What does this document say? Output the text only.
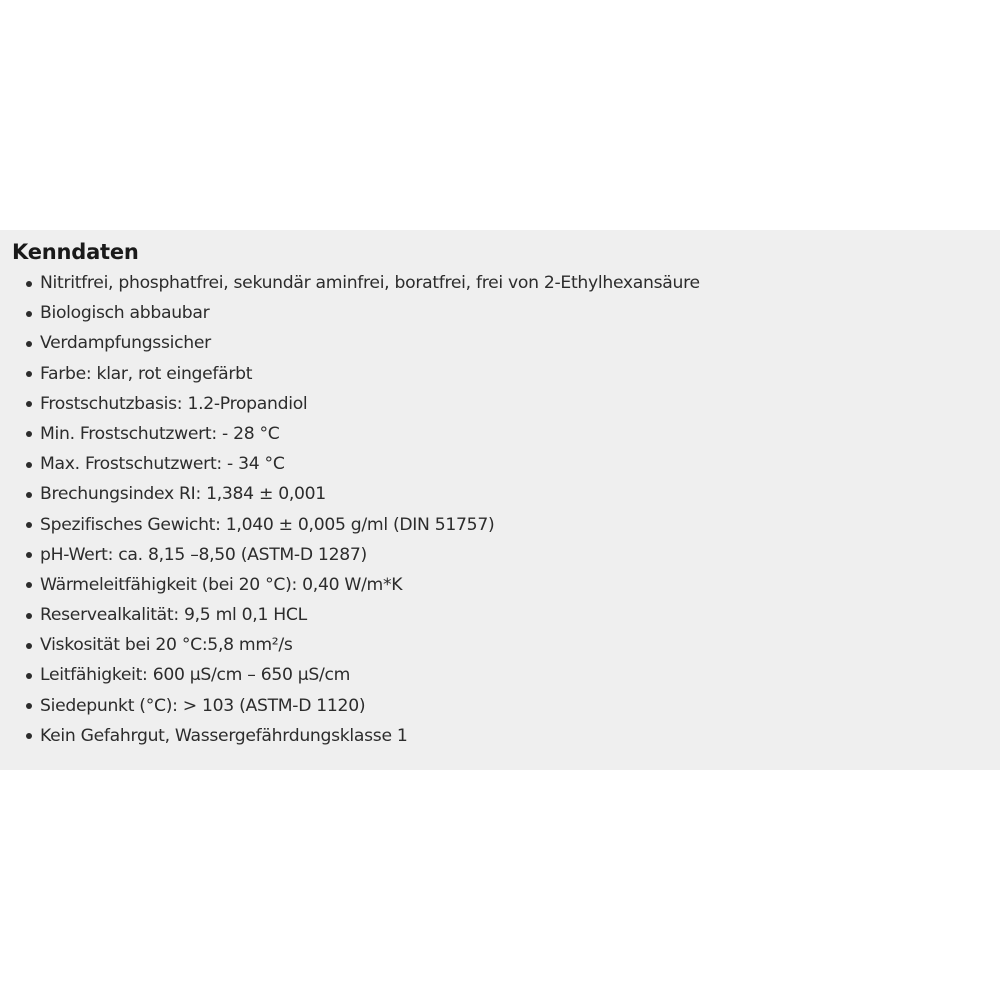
Kenndaten
Nitritfrei, phosphatfrei, sekundär aminfrei, boratfrei, frei von 2-Ethylhexansäure
Biologisch abbaubar
Verdampfungssicher
Farbe: klar, rot eingefärbt
Frostschutzbasis: 1.2-Propandiol
Min. Frostschutzwert: - 28 °C
Max. Frostschutzwert: - 34 °C
Brechungsindex RI: 1,384 ± 0,001
Spezifisches Gewicht: 1,040 ± 0,005 g/ml (DIN 51757)
pH-Wert: ca. 8,15 –8,50 (ASTM-D 1287)
Wärmeleitfähigkeit (bei 20 °C): 0,40 W/m*K
Reservealkalität: 9,5 ml 0,1 HCL
Viskosität bei 20 °C:5,8 mm²/s
Leitfähigkeit: 600 µS/cm – 650 µS/cm
Siedepunkt (°C): > 103 (ASTM-D 1120)
Kein Gefahrgut, Wassergefährdungsklasse 1
